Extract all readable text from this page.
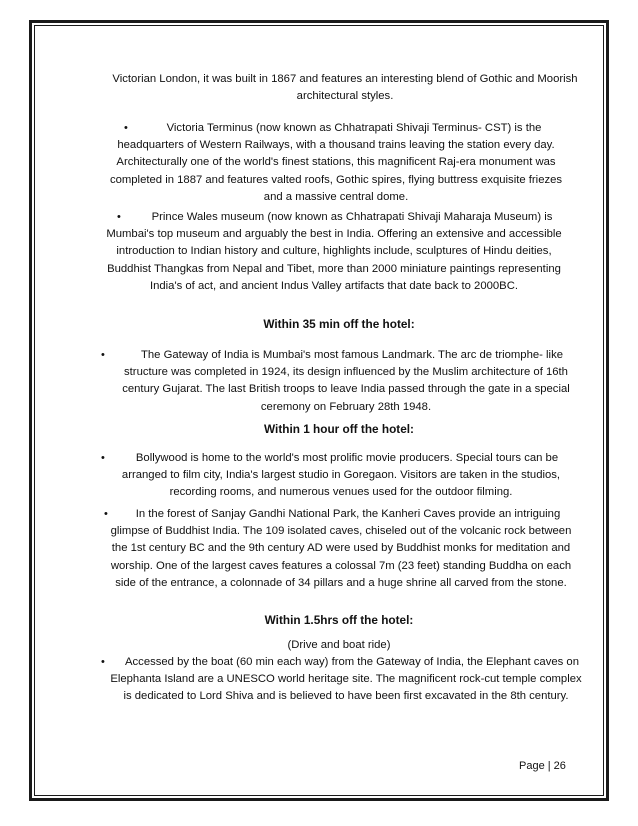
Victorian London, it was built in 1867 and features an interesting blend of Gothic and Moorish architectural styles.
•	Victoria Terminus (now known as Chhatrapati Shivaji Terminus- CST) is the headquarters of Western Railways, with a thousand trains leaving the station every day. Architecturally one of the world's finest stations, this magnificent Raj-era monument was completed in 1887 and features valted roofs, Gothic spires, flying buttress exquisite friezes and a massive central dome.
•	Prince Wales museum (now known as Chhatrapati Shivaji Maharaja Museum) is Mumbai's top museum and arguably the best in India. Offering an extensive and accessible introduction to Indian history and culture, highlights include, sculptures of Hindu deities, Buddhist Thangkas from Nepal and Tibet, more than 2000 miniature paintings representing India's of act, and ancient Indus Valley artifacts that date back to 2000BC.
Within 35 min off the hotel:
•	The Gateway of India is Mumbai's most famous Landmark. The arc de triomphe- like structure was completed in 1924, its design influenced by the Muslim architecture of 16th century Gujarat. The last British troops to leave India passed through the gate in a special ceremony on February 28th 1948.
Within 1 hour off the hotel:
•	Bollywood is home to the world's most prolific movie producers. Special tours can be arranged to film city, India's largest studio in Goregaon. Visitors are taken in the studios, recording rooms, and numerous venues used for the outdoor filming.
•	In the forest of Sanjay Gandhi National Park, the Kanheri Caves provide an intriguing glimpse of Buddhist India. The 109 isolated caves, chiseled out of the volcanic rock between the 1st century BC and the 9th century AD were used by Buddhist monks for meditation and worship. One of the largest caves features a colossal 7m (23 feet) standing Buddha on each side of the entrance, a colonnade of 34 pillars and a huge shrine all carved from the stone.
Within 1.5hrs off the hotel:
(Drive and boat ride)
•	Accessed by the boat (60 min each way) from the Gateway of India, the Elephant caves on Elephanta Island are a UNESCO world heritage site. The magnificent rock-cut temple complex is dedicated to Lord Shiva and is believed to have been first excavated in the 8th century.
Page | 26
